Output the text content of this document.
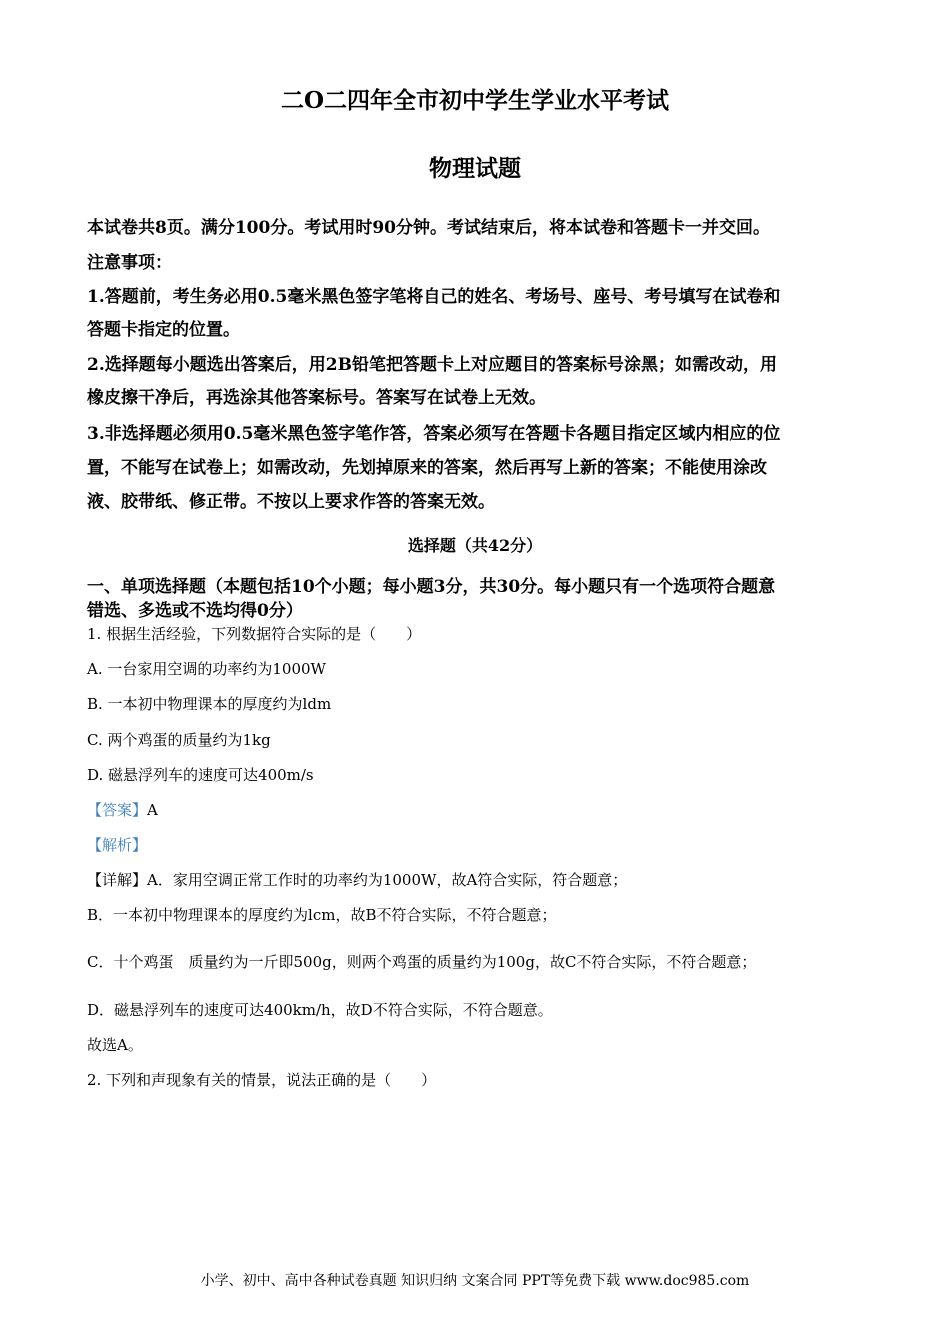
二O二四年全市初中学生学业水平考试
物理试题
本试卷共8页。满分100分。考试用时90分钟。考试结束后，将本试卷和答题卡一并交回。
注意事项：
1.答题前，考生务必用0.5毫米黑色签字笔将自己的姓名、考场号、座号、考号填写在试卷和
答题卡指定的位置。
2.选择题每小题选出答案后，用2B铅笔把答题卡上对应题目的答案标号涂黑；如需改动，用
橡皮擦干净后，再选涂其他答案标号。答案写在试卷上无效。
3.非选择题必须用0.5毫米黑色签字笔作答，答案必须写在答题卡各题目指定区域内相应的位
置，不能写在试卷上；如需改动，先划掉原来的答案，然后再写上新的答案；不能使用涂改
液、胶带纸、修正带。不按以上要求作答的答案无效。
选择题（共42分）
一、单项选择题（本题包括10个小题；每小题3分，共30分。每小题只有一个选项符合题意
错选、多选或不选均得0分）
1. 根据生活经验，下列数据符合实际的是（　　）
A. 一台家用空调的功率约为1000W
B. 一本初中物理课本的厚度约为ldm
C. 两个鸡蛋的质量约为1kg
D. 磁悬浮列车的速度可达400m/s
【答案】A
【解析】
【详解】A．家用空调正常工作时的功率约为1000W，故A符合实际，符合题意；
B．一本初中物理课本的厚度约为lcm，故B不符合实际，不符合题意；
C．十个鸡蛋　质量约为一斤即500g，则两个鸡蛋的质量约为100g，故C不符合实际，不符合题意；
D．磁悬浮列车的速度可达400km/h，故D不符合实际，不符合题意。
故选A。
2. 下列和声现象有关的情景，说法正确的是（　　）
小学、初中、高中各种试卷真题 知识归纳 文案合同 PPT等免费下载 www.doc985.com
